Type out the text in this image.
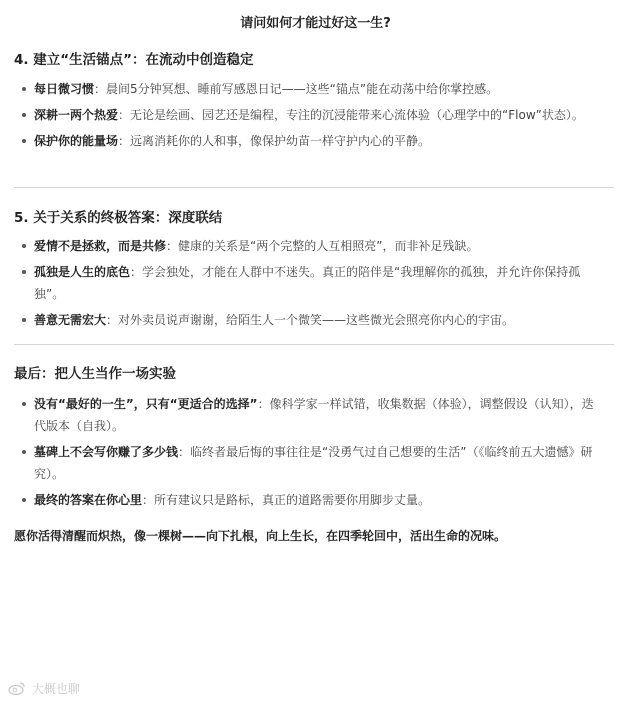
请问如何才能过好这一生?
4. 建立“生活锚点”：在流动中创造稳定
每日微习惯：晨间5分钟冥想、睡前写感恩日记——这些“锚点”能在动荡中给你掌控感。
深耕一两个热爱：无论是绘画、园艺还是编程，专注的沉浸能带来心流体验（心理学中的“Flow”状态）。
保护你的能量场：远离消耗你的人和事，像保护幼苗一样守护内心的平静。
5. 关于关系的终极答案：深度联结
爱情不是拯救，而是共修：健康的关系是“两个完整的人互相照亮”，而非补足残缺。
孤独是人生的底色：学会独处，才能在人群中不迷失。真正的陪伴是“我理解你的孤独，并允许你保持孤独”。
善意无需宏大：对外卖员说声谢谢，给陌生人一个微笑——这些微光会照亮你内心的宇宙。
最后：把人生当作一场实验
没有“最好的一生”，只有“更适合的选择”：像科学家一样试错，收集数据（体验），调整假设（认知），迭代版本（自我）。
墓碑上不会写你赚了多少钱：临终者最后悔的事往往是“没勇气过自己想要的生活”（《临终前五大遗憾》研究）。
最终的答案在你心里：所有建议只是路标，真正的道路需要你用脚步丈量。
愿你活得清醒而炽热，像一棵树——向下扎根，向上生长，在四季轮回中，活出生命的况味。
大概也聊
